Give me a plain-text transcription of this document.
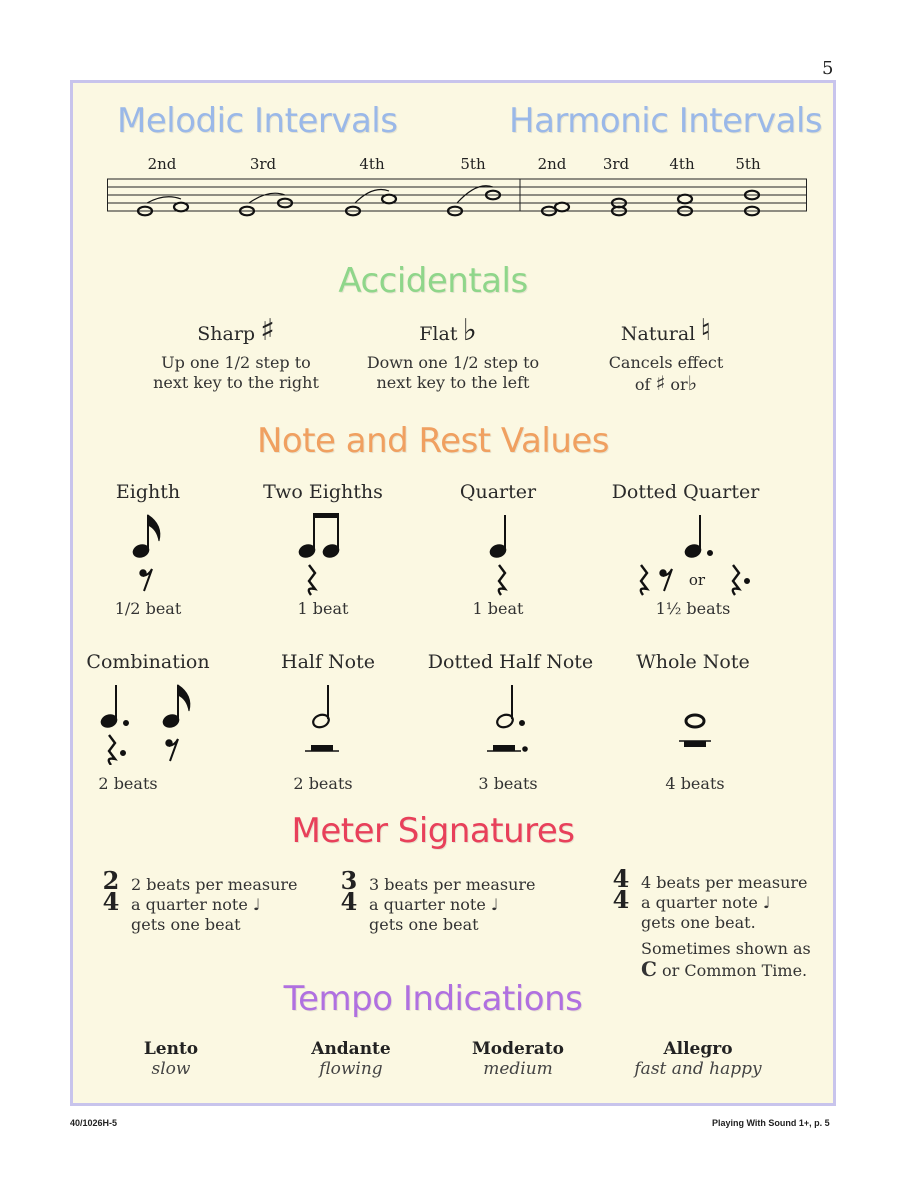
5
Melodic Intervals	Harmonic Intervals
2nd	3rd	4th	5th	2nd	3rd	4th	5th
Accidentals
Sharp ♯
Up one 1/2 step to
next key to the right
Flat ♭
Down one 1/2 step to
next key to the left
Natural ♮
Cancels effect
of ♯ or♭
Note and Rest Values
Eighth	Two Eighths	Quarter	Dotted Quarter
or
1/2 beat	1 beat	1 beat	1½ beats
Combination	Half Note	Dotted Half Note	Whole Note
2 beats	2 beats	3 beats	4 beats
Meter Signatures
2
4
2 beats per measure
a quarter note ♩
gets one beat
3
4
3 beats per measure
a quarter note ♩
gets one beat
4
4
4 beats per measure
a quarter note ♩
gets one beat.
Sometimes shown as
C or Common Time.
Tempo Indications
Lento
slow
Andante
flowing
Moderato
medium
Allegro
fast and happy
40/1026H-5	Playing With Sound 1+, p. 5
